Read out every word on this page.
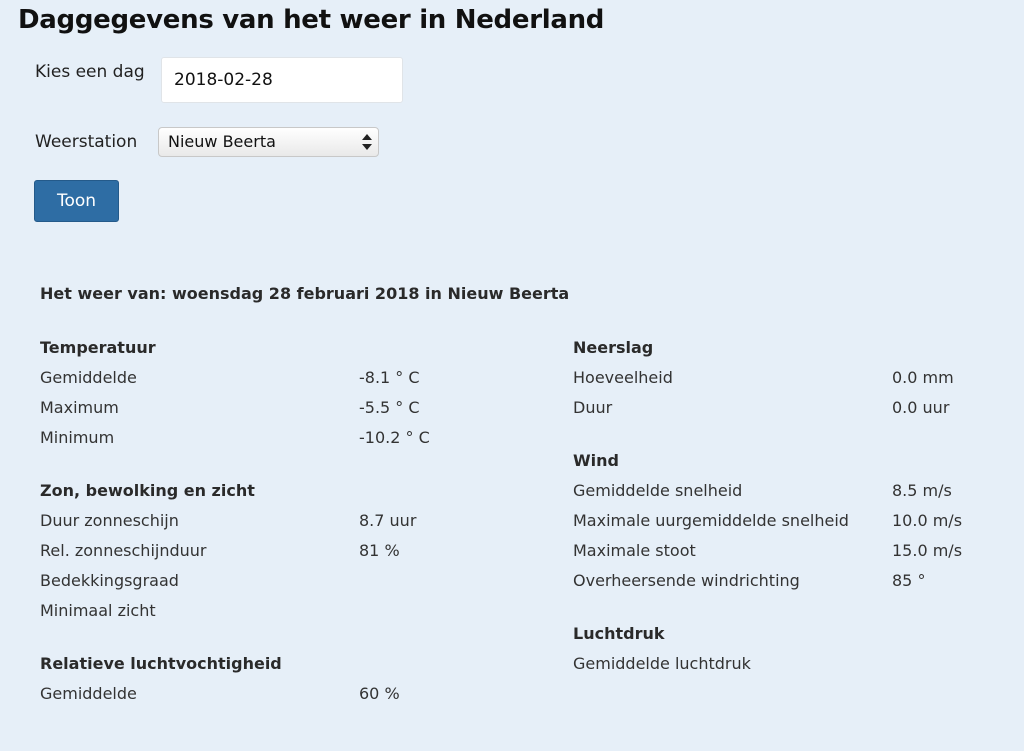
Daggegevens van het weer in Nederland
Kies een dag
2018-02-28
Weerstation	Nieuw Beerta
Toon
Het weer van: woensdag 28 februari 2018 in Nieuw Beerta
Temperatuur
Gemiddelde	-8.1 ° C
Maximum	-5.5 ° C
Minimum	-10.2 ° C
Zon, bewolking en zicht
Duur zonneschijn	8.7 uur
Rel. zonneschijnduur	81 %
Bedekkingsgraad
Minimaal zicht
Relatieve luchtvochtigheid
Gemiddelde	60 %
Neerslag
Hoeveelheid	0.0 mm
Duur	0.0 uur
Wind
Gemiddelde snelheid	8.5 m/s
Maximale uurgemiddelde snelheid	10.0 m/s
Maximale stoot	15.0 m/s
Overheersende windrichting	85 °
Luchtdruk
Gemiddelde luchtdruk
